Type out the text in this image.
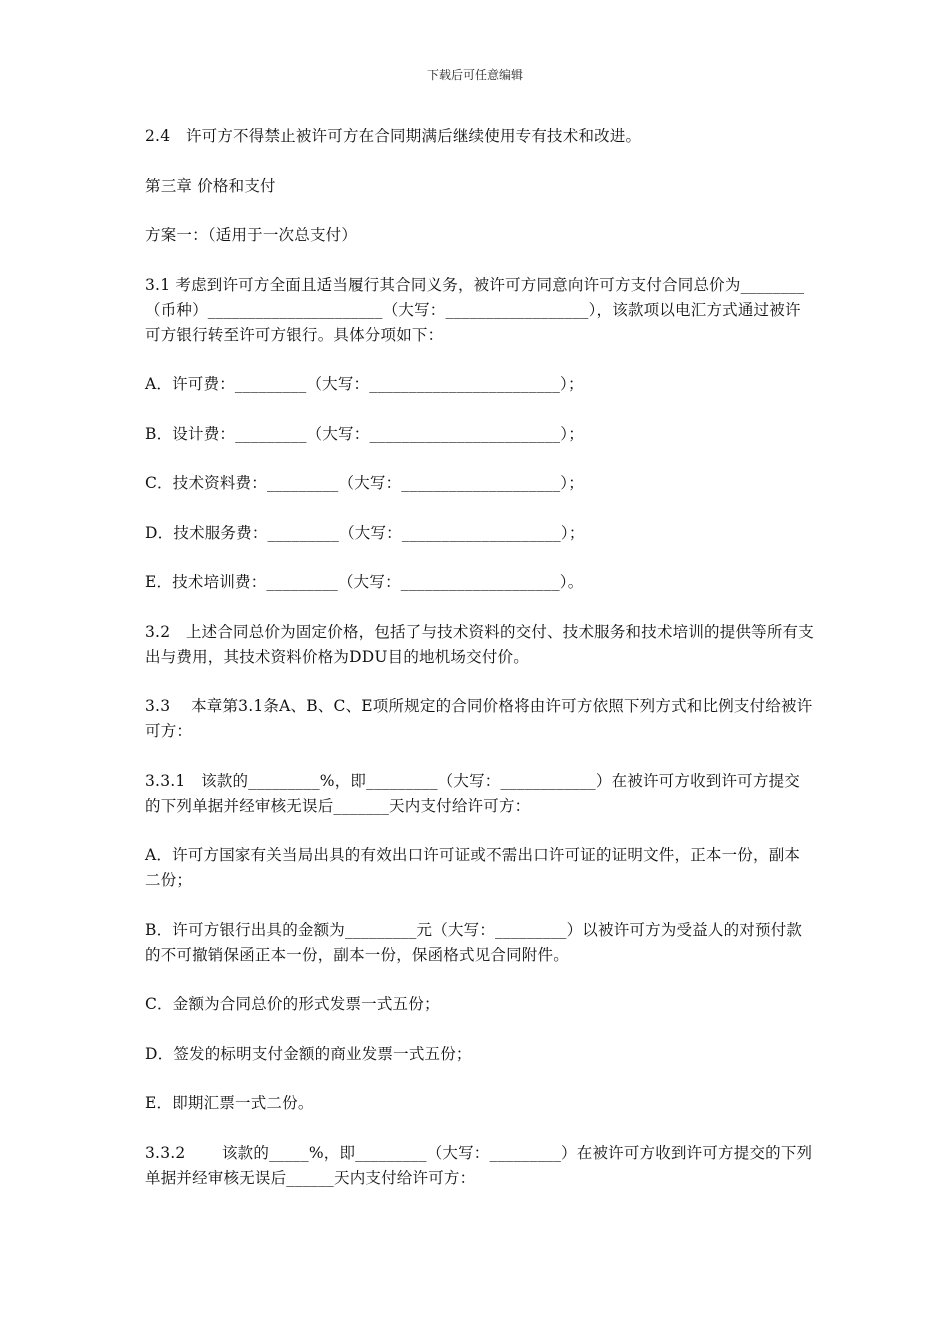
下载后可任意编辑

2.4　许可方不得禁止被许可方在合同期满后继续使用专有技术和改进。

第三章 价格和支付

方案一：（适用于一次总支付）

3.1 考虑到许可方全面且适当履行其合同义务，被许可方同意向许可方支付合同总价为________（币种）______________________（大写：__________________），该款项以电汇方式通过被许可方银行转至许可方银行。具体分项如下：

A．许可费：_________（大写：________________________）；

B．设计费：_________（大写：________________________）；

C．技术资料费：_________（大写：____________________）；

D．技术服务费：_________（大写：____________________）；

E．技术培训费：_________（大写：____________________）。

3.2　上述合同总价为固定价格，包括了与技术资料的交付、技术服务和技术培训的提供等所有支出与费用，其技术资料价格为DDU目的地机场交付价。

3.3　 本章第3.1条A、B、C、E项所规定的合同价格将由许可方依照下列方式和比例支付给被许可方：

3.3.1　该款的_________%，即_________（大写：____________）在被许可方收到许可方提交的下列单据并经审核无误后_______天内支付给许可方：

A．许可方国家有关当局出具的有效出口许可证或不需出口许可证的证明文件，正本一份，副本二份；

B．许可方银行出具的金额为_________元（大写：_________）以被许可方为受益人的对预付款的不可撤销保函正本一份，副本一份，保函格式见合同附件。

C．金额为合同总价的形式发票一式五份；

D．签发的标明支付金额的商业发票一式五份；

E．即期汇票一式二份。

3.3.2　　 该款的_____%，即_________（大写：_________）在被许可方收到许可方提交的下列单据并经审核无误后______天内支付给许可方：
